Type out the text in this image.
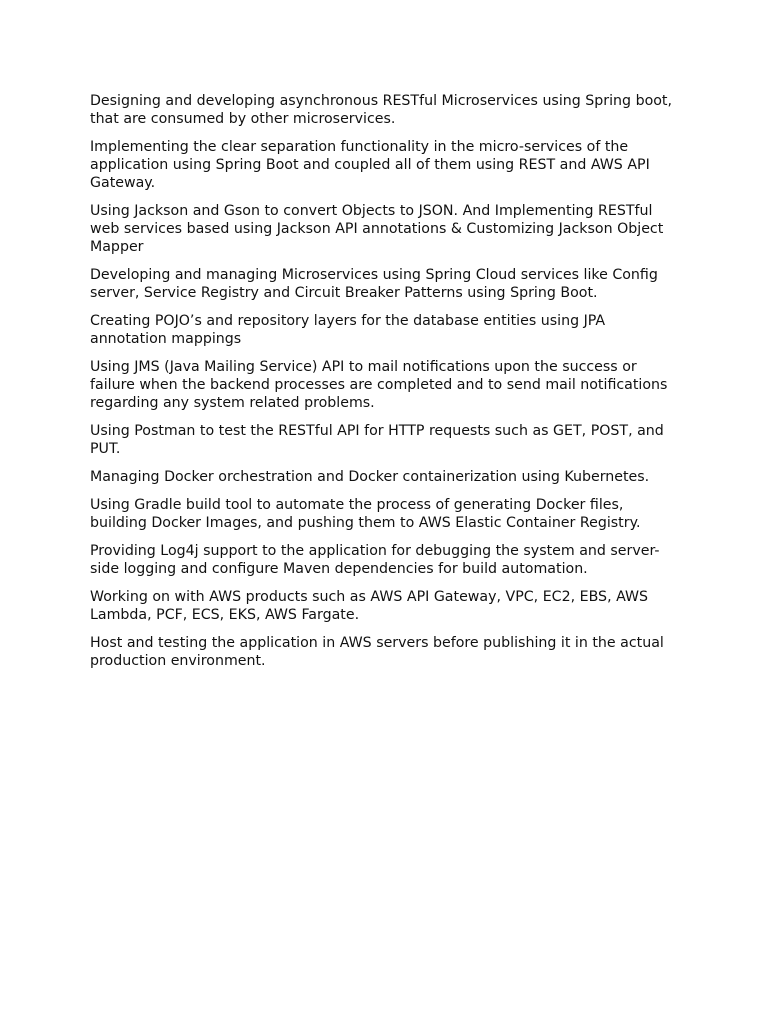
Designing and developing asynchronous RESTful Microservices using Spring boot, that are consumed by other microservices.

Implementing the clear separation functionality in the micro-services of the application using Spring Boot and coupled all of them using REST and AWS API Gateway.

Using Jackson and Gson to convert Objects to JSON. And Implementing RESTful web services based using Jackson API annotations & Customizing Jackson Object Mapper

Developing and managing Microservices using Spring Cloud services like Config server, Service Registry and Circuit Breaker Patterns using Spring Boot.

Creating POJO’s and repository layers for the database entities using JPA annotation mappings

Using JMS (Java Mailing Service) API to mail notifications upon the success or failure when the backend processes are completed and to send mail notifications regarding any system related problems.

Using Postman to test the RESTful API for HTTP requests such as GET, POST, and PUT.

Managing Docker orchestration and Docker containerization using Kubernetes.

Using Gradle build tool to automate the process of generating Docker files, building Docker Images, and pushing them to AWS Elastic Container Registry.

Providing Log4j support to the application for debugging the system and server-side logging and configure Maven dependencies for build automation.

Working on with AWS products such as AWS API Gateway, VPC, EC2, EBS, AWS Lambda, PCF, ECS, EKS, AWS Fargate.

Host and testing the application in AWS servers before publishing it in the actual production environment.
